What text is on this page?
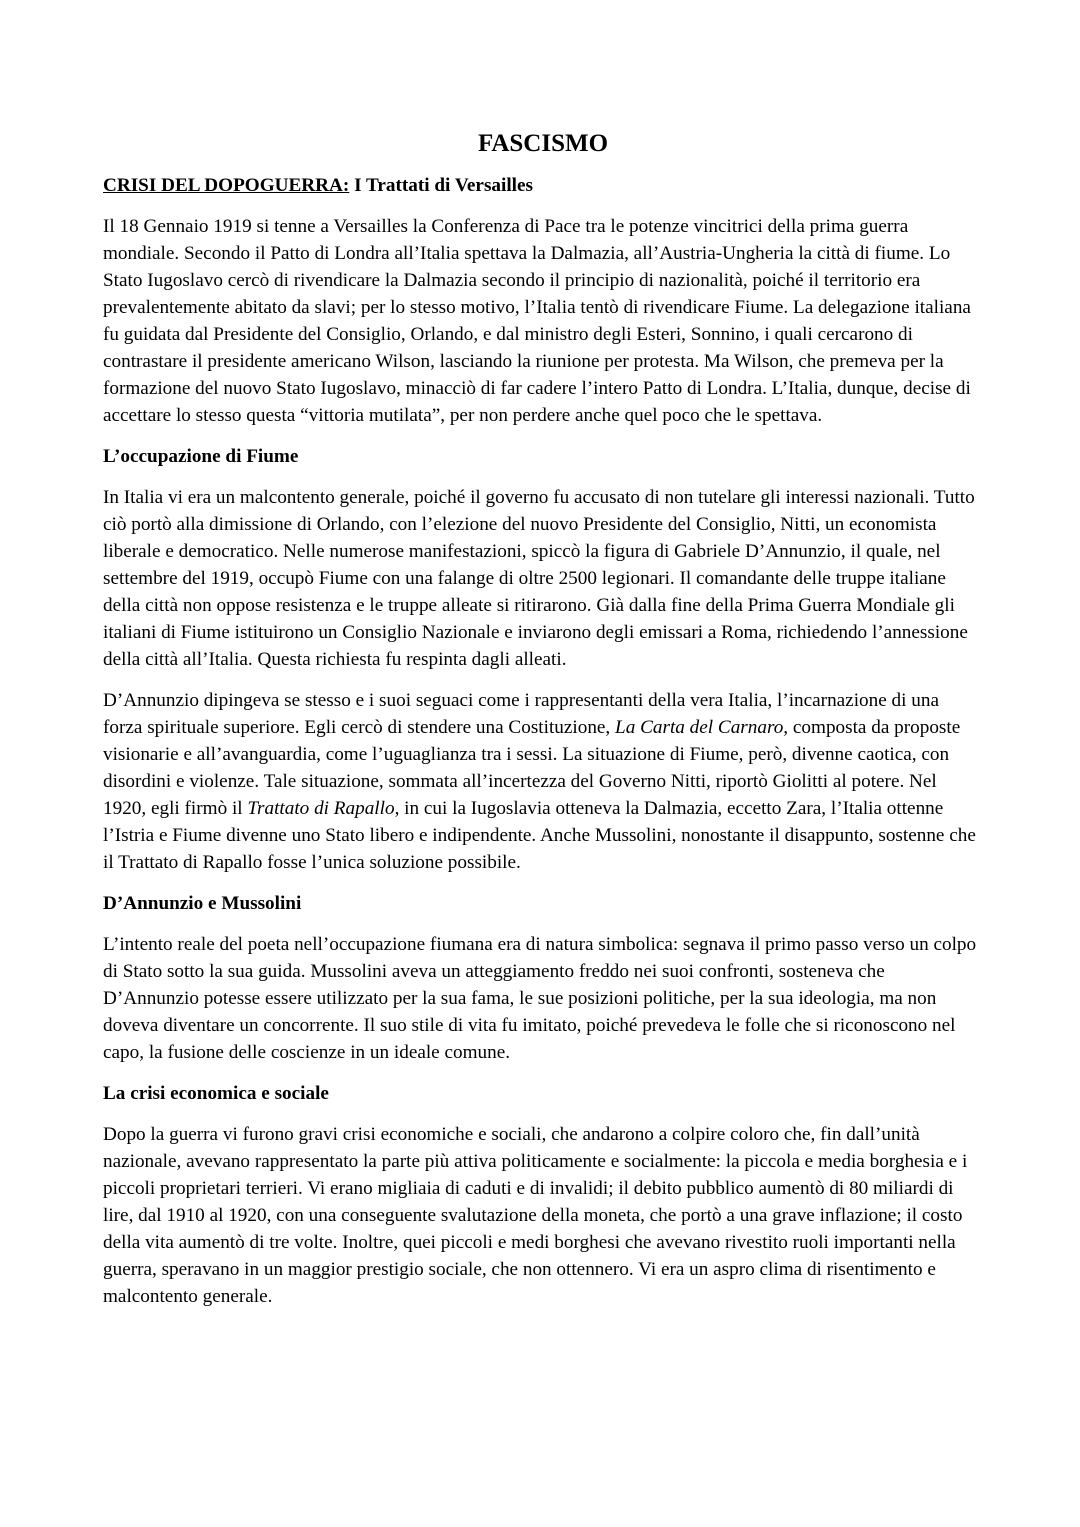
FASCISMO
CRISI DEL DOPOGUERRA: I Trattati di Versailles

Il 18 Gennaio 1919 si tenne a Versailles la Conferenza di Pace tra le potenze vincitrici della prima guerra mondiale. Secondo il Patto di Londra all’Italia spettava la Dalmazia, all’Austria-Ungheria la città di fiume. Lo Stato Iugoslavo cercò di rivendicare la Dalmazia secondo il principio di nazionalità, poiché il territorio era prevalentemente abitato da slavi; per lo stesso motivo, l’Italia tentò di rivendicare Fiume. La delegazione italiana fu guidata dal Presidente del Consiglio, Orlando, e dal ministro degli Esteri, Sonnino, i quali cercarono di contrastare il presidente americano Wilson, lasciando la riunione per protesta. Ma Wilson, che premeva per la formazione del nuovo Stato Iugoslavo, minacciò di far cadere l’intero Patto di Londra. L’Italia, dunque, decise di accettare lo stesso questa “vittoria mutilata”, per non perdere anche quel poco che le spettava.

L’occupazione di Fiume

In Italia vi era un malcontento generale, poiché il governo fu accusato di non tutelare gli interessi nazionali. Tutto ciò portò alla dimissione di Orlando, con l’elezione del nuovo Presidente del Consiglio, Nitti, un economista liberale e democratico. Nelle numerose manifestazioni, spiccò la figura di Gabriele D’Annunzio, il quale, nel settembre del 1919, occupò Fiume con una falange di oltre 2500 legionari. Il comandante delle truppe italiane della città non oppose resistenza e le truppe alleate si ritirarono. Già dalla fine della Prima Guerra Mondiale gli italiani di Fiume istituirono un Consiglio Nazionale e inviarono degli emissari a Roma, richiedendo l’annessione della città all’Italia. Questa richiesta fu respinta dagli alleati.

D’Annunzio dipingeva se stesso e i suoi seguaci come i rappresentanti della vera Italia, l’incarnazione di una forza spirituale superiore. Egli cercò di stendere una Costituzione, La Carta del Carnaro, composta da proposte visionarie e all’avanguardia, come l’uguaglianza tra i sessi. La situazione di Fiume, però, divenne caotica, con disordini e violenze. Tale situazione, sommata all’incertezza del Governo Nitti, riportò Giolitti al potere. Nel 1920, egli firmò il Trattato di Rapallo, in cui la Iugoslavia otteneva la Dalmazia, eccetto Zara, l’Italia ottenne l’Istria e Fiume divenne uno Stato libero e indipendente. Anche Mussolini, nonostante il disappunto, sostenne che il Trattato di Rapallo fosse l’unica soluzione possibile.

D’Annunzio e Mussolini

L’intento reale del poeta nell’occupazione fiumana era di natura simbolica: segnava il primo passo verso un colpo di Stato sotto la sua guida. Mussolini aveva un atteggiamento freddo nei suoi confronti, sosteneva che D’Annunzio potesse essere utilizzato per la sua fama, le sue posizioni politiche, per la sua ideologia, ma non doveva diventare un concorrente. Il suo stile di vita fu imitato, poiché prevedeva le folle che si riconoscono nel capo, la fusione delle coscienze in un ideale comune.

La crisi economica e sociale

Dopo la guerra vi furono gravi crisi economiche e sociali, che andarono a colpire coloro che, fin dall’unità nazionale, avevano rappresentato la parte più attiva politicamente e socialmente: la piccola e media borghesia e i piccoli proprietari terrieri. Vi erano migliaia di caduti e di invalidi; il debito pubblico aumentò di 80 miliardi di lire, dal 1910 al 1920, con una conseguente svalutazione della moneta, che portò a una grave inflazione; il costo della vita aumentò di tre volte. Inoltre, quei piccoli e medi borghesi che avevano rivestito ruoli importanti nella guerra, speravano in un maggior prestigio sociale, che non ottennero. Vi era un aspro clima di risentimento e malcontento generale.
